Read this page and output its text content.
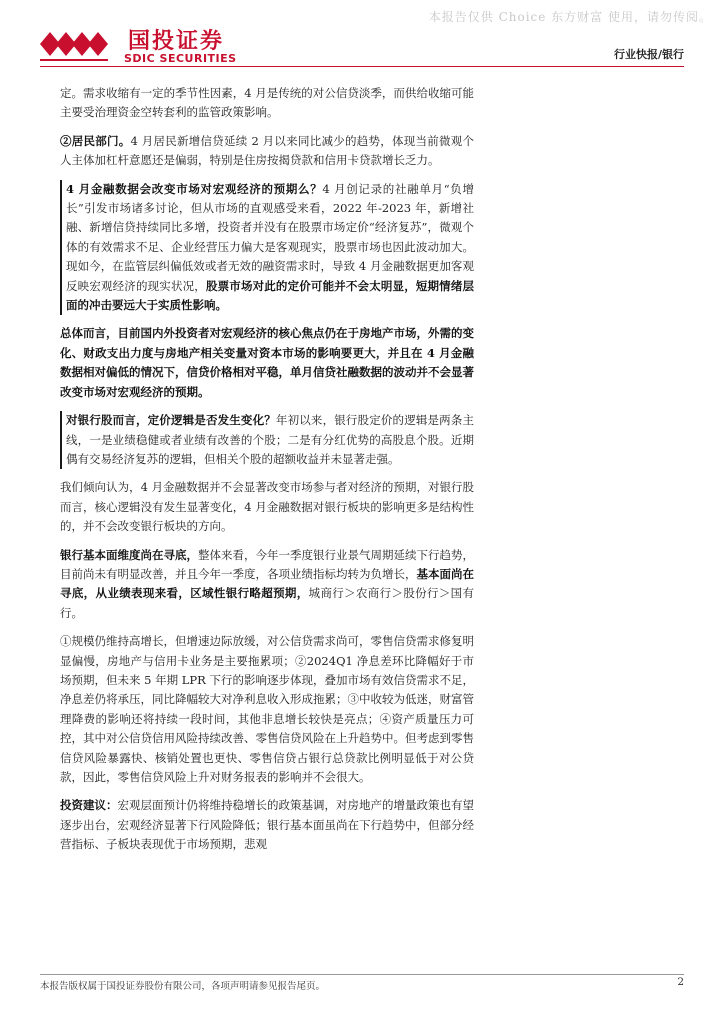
国投证券
SDIC SECURITIES
本报告仅供 Choice 东方财富 使用，请勿传阅。
行业快报/银行

定。需求收缩有一定的季节性因素，4 月是传统的对公信贷淡季，而供给收缩可能主要受治理资金空转套利的监管政策影响。

②居民部门。4 月居民新增信贷延续 2 月以来同比减少的趋势，体现当前微观个人主体加杠杆意愿还是偏弱，特别是住房按揭贷款和信用卡贷款增长乏力。

4 月金融数据会改变市场对宏观经济的预期么？4 月创记录的社融单月“负增长”引发市场诸多讨论，但从市场的直观感受来看，2022 年-2023 年，新增社融、新增信贷持续同比多增，投资者并没有在股票市场定价“经济复苏”，微观个体的有效需求不足、企业经营压力偏大是客观现实，股票市场也因此波动加大。现如今，在监管层纠偏低效或者无效的融资需求时，导致 4 月金融数据更加客观反映宏观经济的现实状况，股票市场对此的定价可能并不会太明显，短期情绪层面的冲击要远大于实质性影响。

总体而言，目前国内外投资者对宏观经济的核心焦点仍在于房地产市场，外需的变化、财政支出力度与房地产相关变量对资本市场的影响要更大，并且在 4 月金融数据相对偏低的情况下，信贷价格相对平稳，单月信贷社融数据的波动并不会显著改变市场对宏观经济的预期。

对银行股而言，定价逻辑是否发生变化？年初以来，银行股定价的逻辑是两条主线，一是业绩稳健或者业绩有改善的个股；二是有分红优势的高股息个股。近期偶有交易经济复苏的逻辑，但相关个股的超额收益并未显著走强。

我们倾向认为，4 月金融数据并不会显著改变市场参与者对经济的预期，对银行股而言，核心逻辑没有发生显著变化，4 月金融数据对银行板块的影响更多是结构性的，并不会改变银行板块的方向。

银行基本面维度尚在寻底，整体来看，今年一季度银行业景气周期延续下行趋势，目前尚未有明显改善，并且今年一季度，各项业绩指标均转为负增长，基本面尚在寻底，从业绩表现来看，区域性银行略超预期，城商行＞农商行＞股份行＞国有行。

①规模仍维持高增长，但增速边际放缓，对公信贷需求尚可，零售信贷需求修复明显偏慢，房地产与信用卡业务是主要拖累项；②2024Q1 净息差环比降幅好于市场预期，但未来 5 年期 LPR 下行的影响逐步体现，叠加市场有效信贷需求不足，净息差仍将承压，同比降幅较大对净利息收入形成拖累；③中收较为低迷，财富管理降费的影响还将持续一段时间，其他非息增长较快是亮点；④资产质量压力可控，其中对公信贷信用风险持续改善、零售信贷风险在上升趋势中。但考虑到零售信贷风险暴露快、核销处置也更快、零售信贷占银行总贷款比例明显低于对公贷款，因此，零售信贷风险上升对财务报表的影响并不会很大。

投资建议：宏观层面预计仍将维持稳增长的政策基调，对房地产的增量政策也有望逐步出台，宏观经济显著下行风险降低；银行基本面虽尚在下行趋势中，但部分经营指标、子板块表现优于市场预期，悲观

本报告版权属于国投证券股份有限公司，各项声明请参见报告尾页。	2
